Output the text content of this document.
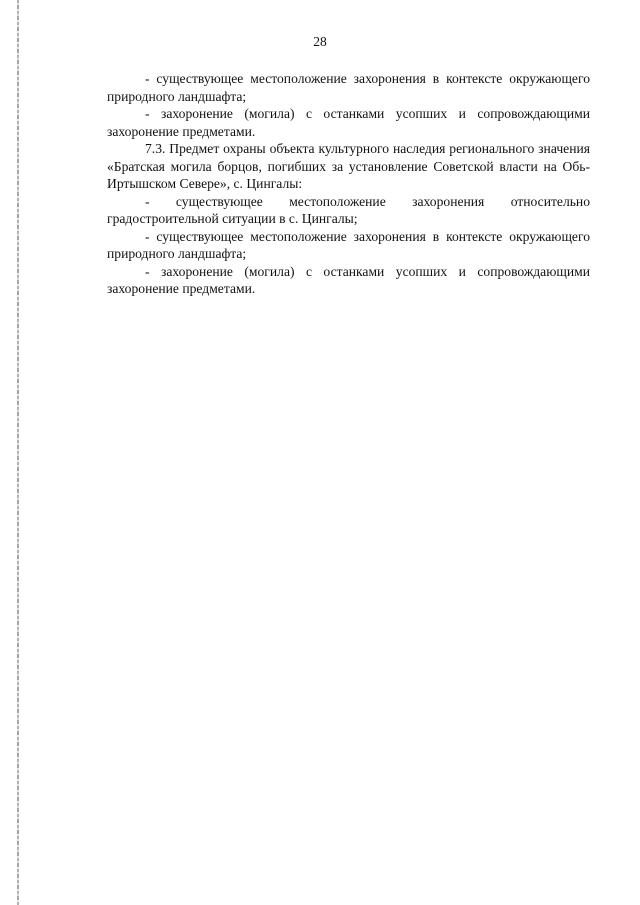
28

- существующее местоположение захоронения в контексте окружающего природного ландшафта;

- захоронение (могила) с останками усопших и сопровождающими захоронение предметами.

7.3. Предмет охраны объекта культурного наследия регионального значения «Братская могила борцов, погибших за установление Советской власти на Обь-Иртышском Севере», с. Цингалы:

- существующее местоположение захоронения относительно градостроительной ситуации в с. Цингалы;

- существующее местоположение захоронения в контексте окружающего природного ландшафта;

- захоронение (могила) с останками усопших и сопровождающими захоронение предметами.
